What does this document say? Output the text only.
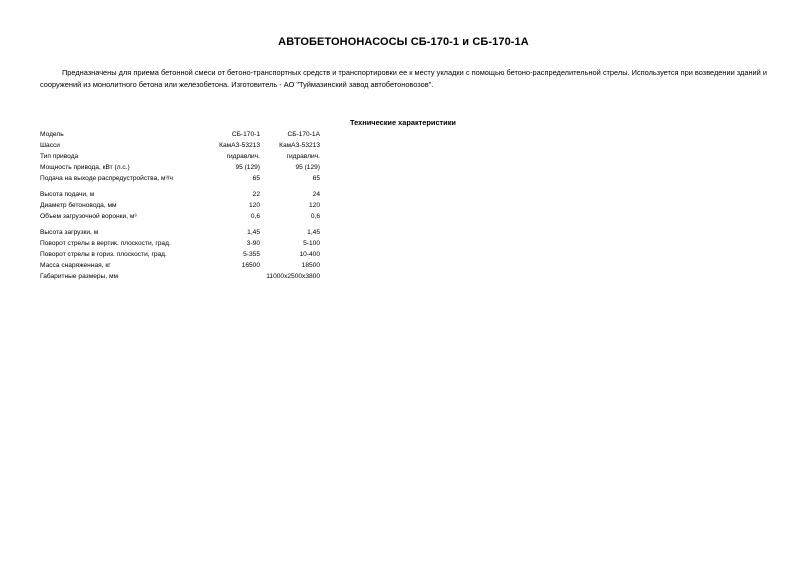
АВТОБЕТОНОНАСОСЫ СБ-170-1 и СБ-170-1А
Предназначены для приема бетонной смеси от бетоно-транспортных средств и транспортировки ее к месту укладки с помощью бетоно-распределительной стрелы. Используется при возведении зданий и сооружений из монолитного бетона или железобетона. Изготовитель - АО "Туймазинский завод автобетоновозов".
Технические характеристики
Модель	СБ-170-1	СБ-170-1А
Шасси	КамАЗ-53213	КамАЗ-53213
Тип привода	гидравлич.	гидравлич.
Мощность привода, кВт (л.с.)	95 (129)	95 (129)
Подача на выходе распредустройства, м³/ч	65	65
Высота подачи, м	22	24
Диаметр бетоновода, мм	120	120
Объем загрузочной воронки, м³	0,6	0,6
Высота загрузки, м	1,45	1,45
Поворот стрелы в вертик. плоскости, град.	3-90	5-100
Поворот стрелы в гориз. плоскости, град.	5-355	10-400
Масса снаряженная, кг	16500	18500
Габаритные размеры, мм	11000х2500х3800	
